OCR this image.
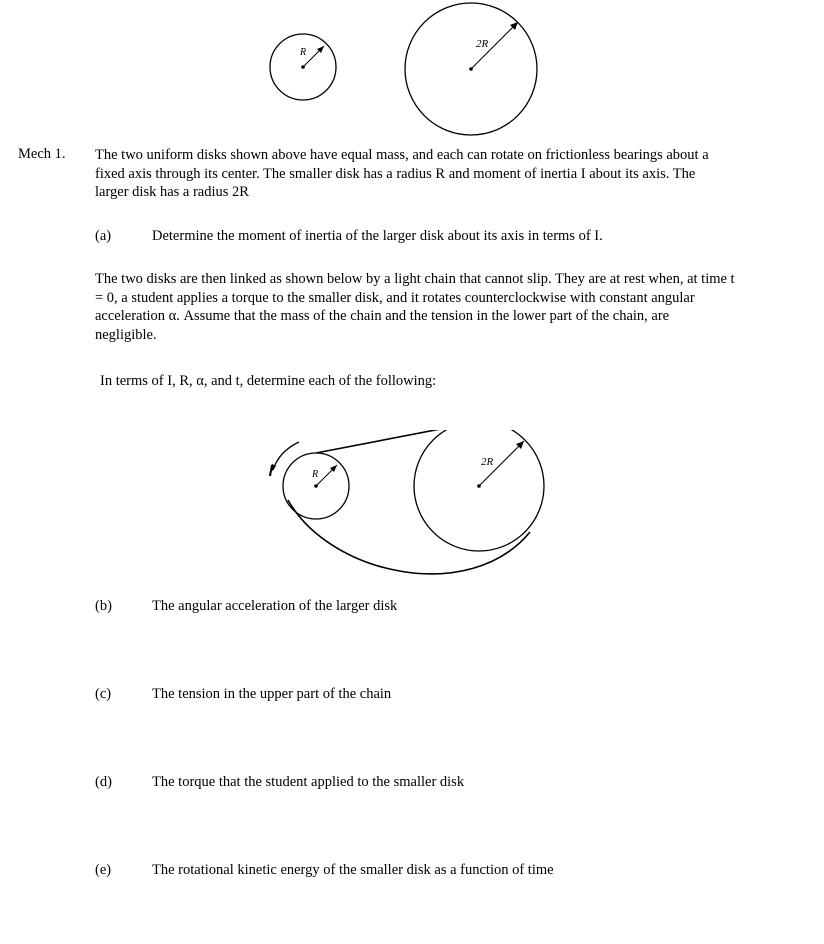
R
2R
Mech 1. The two uniform disks shown above have equal mass, and each can rotate on frictionless bearings about a
fixed axis through its center. The smaller disk has a radius R and moment of inertia I about its axis. The
larger disk has a radius 2R
(a)	Determine the moment of inertia of the larger disk about its axis in terms of I.
The two disks are then linked as shown below by a light chain that cannot slip. They are at rest when, at time t
= 0, a student applies a torque to the smaller disk, and it rotates counterclockwise with constant angular
acceleration α. Assume that the mass of the chain and the tension in the lower part of the chain, are
negligible.
In terms of I, R, α, and t, determine each of the following:
R
2R
(b)	The angular acceleration of the larger disk
(c)	The tension in the upper part of the chain
(d)	The torque that the student applied to the smaller disk
(e)	The rotational kinetic energy of the smaller disk as a function of time
